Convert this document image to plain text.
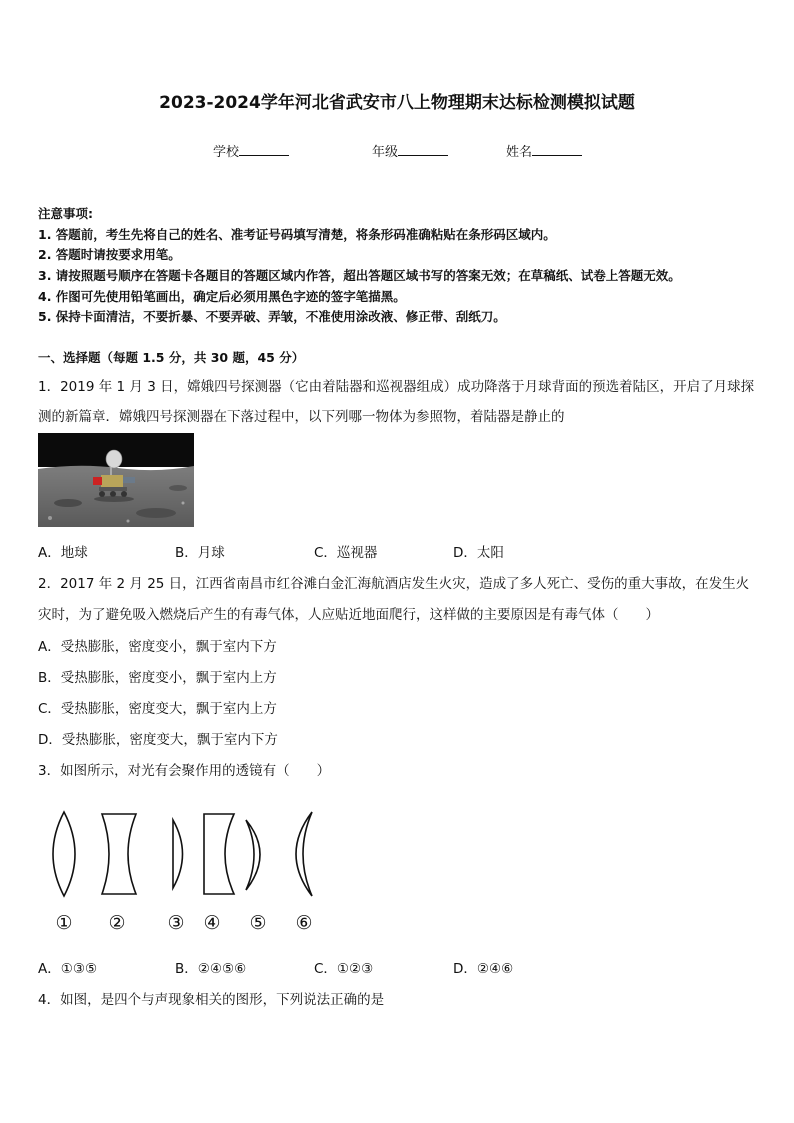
2023-2024学年河北省武安市八上物理期末达标检测模拟试题
学校	年级	姓名
注意事项:
1. 答题前，考生先将自己的姓名、准考证号码填写清楚，将条形码准确粘贴在条形码区域内。
2. 答题时请按要求用笔。
3. 请按照题号顺序在答题卡各题目的答题区域内作答，超出答题区域书写的答案无效；在草稿纸、试卷上答题无效。
4. 作图可先使用铅笔画出，确定后必须用黑色字迹的签字笔描黑。
5. 保持卡面清洁，不要折暴、不要弄破、弄皱，不准使用涂改液、修正带、刮纸刀。
一、选择题（每题 1.5 分，共 30 题，45 分）
1．2019 年 1 月 3 日，嫦娥四号探测器（它由着陆器和巡视器组成）成功降落于月球背面的预选着陆区，开启了月球探
测的新篇章．嫦娥四号探测器在下落过程中，以下列哪一物体为参照物，着陆器是静止的
A．地球	B．月球	C．巡视器	D．太阳
2．2017 年 2 月 25 日，江西省南昌市红谷滩白金汇海航酒店发生火灾，造成了多人死亡、受伤的重大事故，在发生火
灾时，为了避免吸入燃烧后产生的有毒气体，人应贴近地面爬行，这样做的主要原因是有毒气体（　　）
A．受热膨胀，密度变小，飘于室内下方
B．受热膨胀，密度变小，飘于室内上方
C．受热膨胀，密度变大，飘于室内上方
D．受热膨胀，密度变大，飘于室内下方
3．如图所示，对光有会聚作用的透镜有（　　）
① ② ③ ④ ⑤ ⑥
A．①③⑤	B．②④⑤⑥	C．①②③	D．②④⑥
4．如图，是四个与声现象相关的图形，下列说法正确的是
